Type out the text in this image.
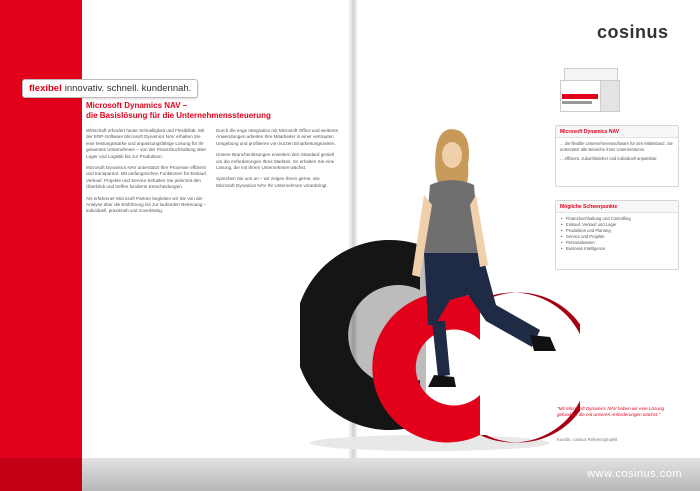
flexibel innovativ. schnell. kundennah.
Microsoft Dynamics NAV –
die Basislösung für die Unternehmenssteuerung

Wirtschaft erfordert heute Schnelligkeit und Flexibilität. Mit der ERP-Software Microsoft Dynamics NAV erhalten Sie eine leistungsstarke und anpassungsfähige Lösung für Ihr gesamtes Unternehmen – von der Finanzbuchhaltung über Lager und Logistik bis zur Produktion.

Microsoft Dynamics NAV unterstützt Ihre Prozesse effizient und transparent. Mit umfangreichen Funktionen für Einkauf, Verkauf, Projekte und Service behalten Sie jederzeit den Überblick und treffen fundierte Entscheidungen.

Als erfahrener Microsoft Partner begleiten wir Sie von der Analyse über die Einführung bis zur laufenden Betreuung – individuell, praxisnah und zuverlässig.

Durch die enge Integration mit Microsoft Office und weiteren Anwendungen arbeiten Ihre Mitarbeiter in einer vertrauten Umgebung und profitieren von kurzen Einarbeitungszeiten.

Unsere Branchenlösungen erweitern den Standard gezielt um die Anforderungen Ihres Marktes. So erhalten Sie eine Lösung, die mit Ihrem Unternehmen wächst.

Sprechen Sie uns an – wir zeigen Ihnen gerne, wie Microsoft Dynamics NAV Ihr Unternehmen voranbringt.

cosinus
Microsoft Dynamics NAV

... die flexible Unternehmenssoftware für den Mittelstand. Sie unterstützt alle Bereiche Ihres Unternehmens.

... effizient, zukunftssicher und individuell anpassbar.

Mögliche Schwerpunkte
• Finanzbuchhaltung und Controlling
• Einkauf, Verkauf und Lager
• Produktion und Planung
• Service und Projekte
• Personalwesen
• Business Intelligence
"Mit Microsoft Dynamics NAV haben wir eine Lösung gefunden, die mit unseren Anforderungen wächst."
Kundin, cosinus Referenzprojekt
www.cosinus.com
